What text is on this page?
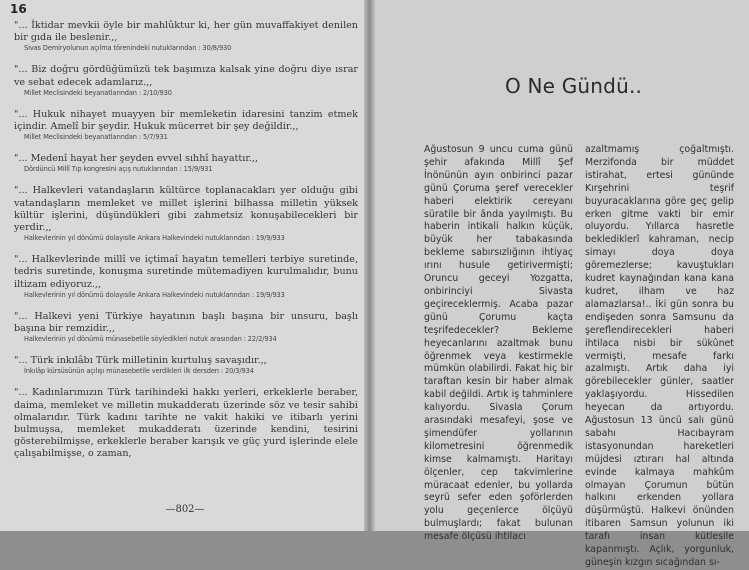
16

"... İktidar mevkii öyle bir mahlûktur ki, her gün muvaffakiyet denilen bir gıda ile beslenir.,,

Sivas Demiryolunun açılma törenindeki nutuklarından : 30/8/930

"... Biz doğru gördüğümüzü tek başımıza kalsak yine doğru diye ısrar ve sebat edecek adamlarız.,,

Millet Meclisindeki beyanatlarından : 2/10/930

"... Hukuk nihayet muayyen bir memleketin idaresini tanzim etmek içindir. Amelî bir şeydir. Hukuk mücerret bir şey değildir.,,

Millet Meclisindeki beyanatlarından : 5/7/931

"... Medenî hayat her şeyden evvel sıhhî hayattır.,,

Dördüncü Millî Tıp kongresini açış nutuklarından : 15/9/931

"... Halkevleri vatandaşların kültürce toplanacakları yer olduğu gibi vatandaşların memleket ve millet işlerini bilhassa milletin yüksek kültür işlerini, düşündükleri gibi zahmetsiz konuşabilecekleri bir yerdir.,,

Halkevlerinin yıl dönümü dolayısile Ankara Halkevindeki nutuklarından : 19/9/933

"... Halkevlerinde millî ve içtimaî hayatın temelleri terbiye suretinde, tedris suretinde, konuşma suretinde mütemadiyen kurulmalıdır, bunu iltizam ediyoruz.,,

Halkevlerinin yıl dönümü dolayısile Ankara Halkevindeki nutuklarından : 19/9/933

"... Halkevi yeni Türkiye hayatının başlı başına bir unsuru, başlı başına bir remzidir.,,

Halkevlerinin yıl dönümü münasebetile söyledikleri nutuk arasından : 22/2/934

"... Türk inkılâbı Türk milletinin kurtuluş savaşıdır.,,

İnkılâp kürsüsünün açılışı münasebetile verdikleri ilk dersden : 20/3/934

"... Kadınlarımızın Türk tarihindeki hakkı yerleri, erkeklerle beraber, daima, memleket ve milletin mukadderatı üzerinde söz ve tesir sahibi olmalarıdır. Türk kadını tarihte ne vakit hakiki ve itibarlı yerini bulmuşsa, memleket mukadderatı üzerinde kendini, tesirini gösterebilmişse, erkeklerle beraber karışık ve güç yurd işlerinde elele çalışabilmişse, o zaman,

—802—
O Ne Gündü..
Ağustosun 9 uncu cuma günü şehir afakında Millî Şef İnönünün ayın onbirinci pazar günü Çoruma şeref verecekler haberi elektirik cereyanı süratile bir ânda yayılmıştı. Bu haberin intikali halkın küçük, büyük her tabakasında bekleme sabırsızlığının ihtiyaç ırını husule getirivermişti; Oruncu geceyi Yozgatta, onbirinciyi Sivasta geçireceklermiş. Acaba pazar günü Çorumu kaçta teşrifedecekler? Bekleme heyecanlarını azaltmak bunu öğrenmek veya kestirmekle mümkün olabilirdi. Fakat hiç bir taraftan kesin bir haber almak kabil değildi. Artık iş tahminlere kalıyordu. Sivasla Çorum arasındaki mesafeyi, şose ve şimendüfer yollarının kilometresini öğrenmedik kimse kalmamıştı. Haritayı ölçenler, cep takvimlerine müracaat edenler, bu yollarda seyrü sefer eden şoförlerden yolu geçenlerce ölçüyü bulmuşlardı; fakat bulunan mesafe ölçüsü ihtilacı
azaltmamış çoğaltmıştı. Merzifonda bir müddet istirahat, ertesi gününde Kırşehrini teşrif buyuracaklarına göre geç gelip erken gitme vakti bir emir oluyordu. Yıllarca hasretle beklediklerî kahraman, necip simayı doya doya göremezlerse; kavuştukları kudret kaynağından kana kana kudret, ilham ve haz alamazlarsa!.. İki gün sonra bu endişeden sonra Samsunu da şereflendirecekleri haberi ihtilaca nisbi bir sükûnet vermişti, mesafe farkı azalmıştı. Artık daha iyi görebilecekler günler, saatler yaklaşıyordu. Hissedilen heyecan da artıyordu. Ağustosun 13 üncü salı günü sabahı Hacıbayram istasyonundan hareketleri müjdesi ıztırarı hal altında evinde kalmaya mahkûm olmayan Çorumun bütün halkını erkenden yollara düşürmüştü. Halkevi önünden itibaren Samsun yolunun iki tarafı insan kütlesile kapanmıştı. Açlık, yorgunluk, güneşin kızgın sıcağından sı-
